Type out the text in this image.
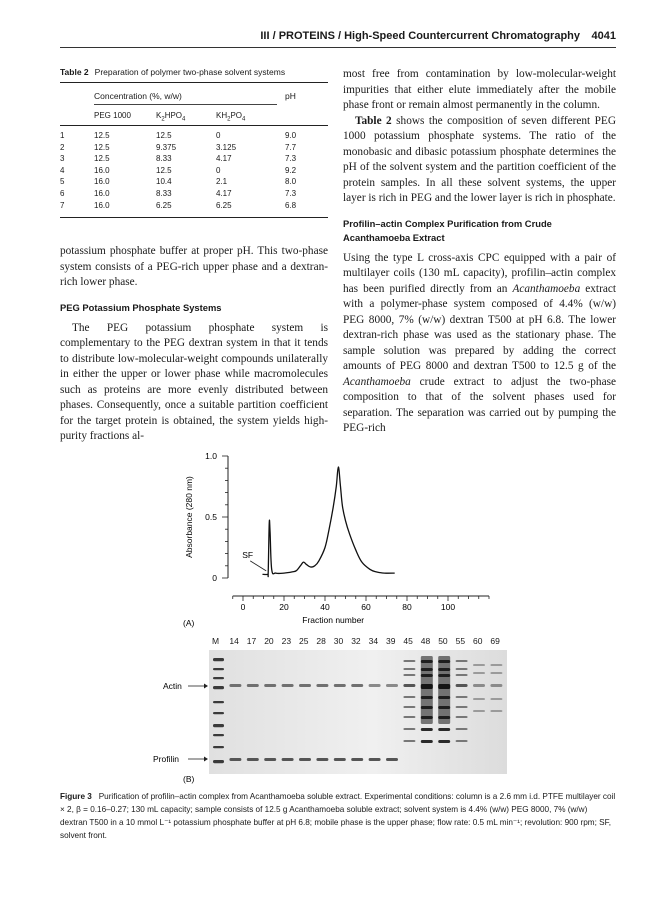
III / PROTEINS / High-Speed Countercurrent Chromatography 4041
Table 2 Preparation of polymer two-phase solvent systems
Concentration (%, w/w)	pH
PEG 1000	$K_2HPO_4$	$KH_2PO_4$
1	12.5	12.5	0	9.0
2	12.5	9.375	3.125	7.7
3	12.5	8.33	4.17	7.3
4	16.0	12.5	0	9.2
5	16.0	10.4	2.1	8.0
6	16.0	8.33	4.17	7.3
7	16.0	6.25	6.25	6.8

potassium phosphate buffer at proper pH. This two-phase system consists of a PEG-rich upper phase and a dextran-rich lower phase.

PEG Potassium Phosphate Systems

The PEG potassium phosphate system is complementary to the PEG dextran system in that it tends to distribute low-molecular-weight compounds unilaterally in either the upper or lower phase while macromolecules such as proteins are more evenly distributed between phases. Consequently, once a suitable partition coefficient for the target protein is obtained, the system yields high-purity fractions al-

most free from contamination by low-molecular-weight impurities that either elute immediately after the mobile phase front or remain almost permanently in the column.

Table 2 shows the composition of seven different PEG 1000 potassium phosphate systems. The ratio of the monobasic and dibasic potassium phosphate determines the pH of the solvent system and the partition coefficient of the protein samples. In all these solvent systems, the upper layer is rich in PEG and the lower layer is rich in phosphate.

Profilin–actin Complex Purification from Crude Acanthamoeba Extract

Using the type L cross-axis CPC equipped with a pair of multilayer coils (130 mL capacity), profilin–actin complex has been purified directly from an Acanthamoeba extract with a polymer-phase system composed of 4.4% (w/w) PEG 8000, 7% (w/w) dextran T500 at pH 6.8. The lower dextran-rich phase was used as the stationary phase. The sample solution was prepared by adding the correct amounts of PEG 8000 and dextran T500 to 12.5 g of the Acanthamoeba crude extract to adjust the two-phase composition to that of the solvent phases used for separation. The separation was carried out by pumping the PEG-rich

0
0.5
1.0
Absorbance (280 nm)
0	20	40	60	80	100
Fraction number
SF
(A)
M 14 17 20 23 25 28 30 32 34 39 45 48 50 55 60 69
Actin
Profilin
(B)
Figure 3 Purification of profilin–actin complex from Acanthamoeba soluble extract. Experimental conditions: column is a 2.6 mm i.d. PTFE multilayer coil × 2, β = 0.16–0.27; 130 mL capacity; sample consists of 12.5 g Acanthamoeba soluble extract; solvent system is 4.4% (w/w) PEG 8000, 7% (w/w) dextran T500 in a 10 mmol L⁻¹ potassium phosphate buffer at pH 6.8; mobile phase is the upper phase; flow rate: 0.5 mL min⁻¹; revolution: 900 rpm; SF, solvent front.
